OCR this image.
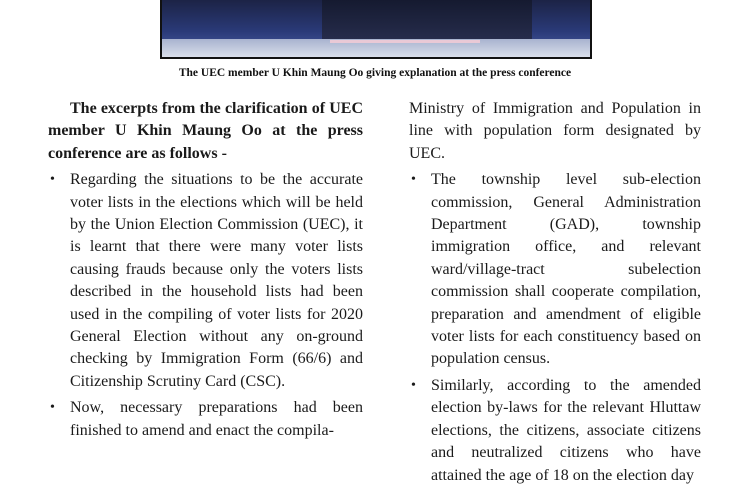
The UEC member U Khin Maung Oo giving explanation at the press conference

The excerpts from the clarification of UEC member U Khin Maung Oo at the press conference are as follows -

• Regarding the situations to be the accurate voter lists in the elections which will be held by the Union Election Commission (UEC), it is learnt that there were many voter lists causing frauds because only the voters lists described in the household lists had been used in the compiling of voter lists for 2020 General Election without any on-ground checking by Immigration Form (66/6) and Citizenship Scrutiny Card (CSC).
• Now, necessary preparations had been finished to amend and enact the compila-

Ministry of Immigration and Population in line with population form designated by UEC.

• The township level sub-election commission, General Administration Department (GAD), township immigration office, and relevant ward/village-tract subelection commission shall cooperate compilation, preparation and amendment of eligible voter lists for each constituency based on population census.
• Similarly, according to the amended election by-laws for the relevant Hluttaw elections, the citizens, associate citizens and neutralized citizens who have attained the age of 18 on the election day
